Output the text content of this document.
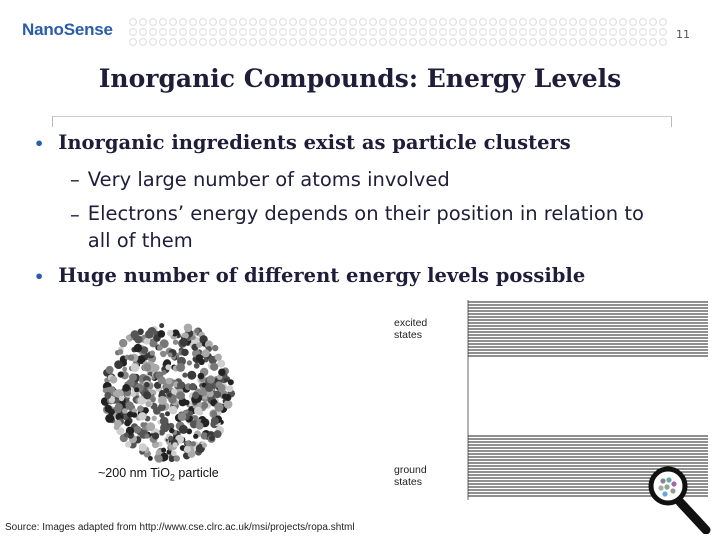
NanoSense	11
Inorganic Compounds: Energy Levels
• Inorganic ingredients exist as particle clusters
– Very large number of atoms involved
– Electrons’ energy depends on their position in relation to all of them
• Huge number of different energy levels possible
~200 nm TiO$_2$ particle
excited states
ground states
Source: Images adapted from http://www.cse.clrc.ac.uk/msi/projects/ropa.shtml
